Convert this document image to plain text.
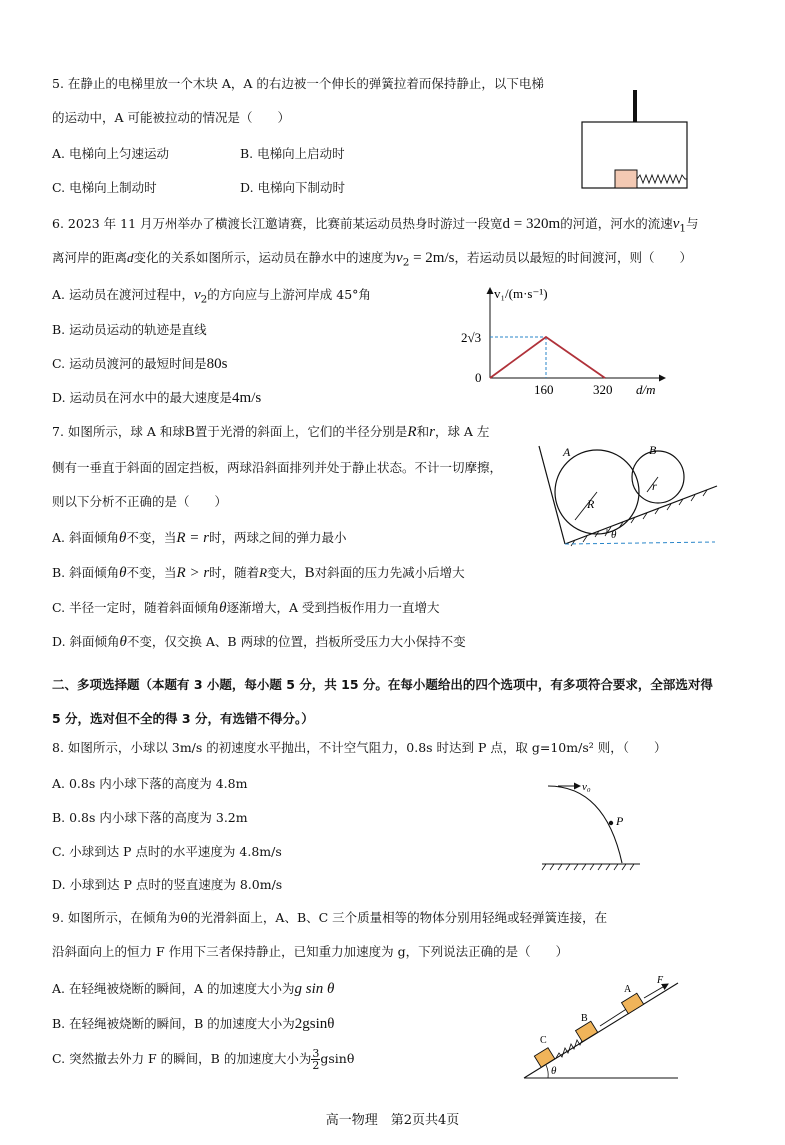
5. 在静止的电梯里放一个木块 A，A 的右边被一个伸长的弹簧拉着而保持静止，以下电梯
的运动中，A 可能被拉动的情况是（　　）
A. 电梯向上匀速运动	B. 电梯向上启动时
C. 电梯向上制动时	D. 电梯向下制动时
6. 2023 年 11 月万州举办了横渡长江邀请赛，比赛前某运动员热身时游过一段宽d = 320m的河道，河水的流速$v_1$与
离河岸的距离d变化的关系如图所示，运动员在静水中的速度为$v_2 = 2m/s$，若运动员以最短的时间渡河，则（　　）
A. 运动员在渡河过程中，$v_2$的方向应与上游河岸成 45°角
B. 运动员运动的轨迹是直线
C. 运动员渡河的最短时间是80s
D. 运动员在河水中的最大速度是4m/s
v₁/(m·s⁻¹)
d/m
0
2√3
160	320
7. 如图所示，球 A 和球B置于光滑的斜面上，它们的半径分别是R和r，球 A 左
侧有一垂直于斜面的固定挡板，两球沿斜面排列并处于静止状态。不计一切摩擦，
则以下分析不正确的是（　　）
A. 斜面倾角θ不变，当R = r时，两球之间的弹力最小
B. 斜面倾角θ不变，当R > r时，随着R变大，B对斜面的压力先减小后增大
C. 半径一定时，随着斜面倾角θ逐渐增大，A 受到挡板作用力一直增大
D. 斜面倾角θ不变，仅交换 A、B 两球的位置，挡板所受压力大小保持不变
θ
A	B
R
r
二、多项选择题（本题有 3 小题，每小题 5 分，共 15 分。在每小题给出的四个选项中，有多项符合要求，全部选对得
5 分，选对但不全的得 3 分，有选错不得分。）
8. 如图所示，小球以 3m/s 的初速度水平抛出，不计空气阻力，0.8s 时达到 P 点，取 g=10m/s² 则，（　　）
A. 0.8s 内小球下落的高度为 4.8m
B. 0.8s 内小球下落的高度为 3.2m
C. 小球到达 P 点时的水平速度为 4.8m/s
D. 小球到达 P 点时的竖直速度为 8.0m/s
v₀
P
9. 如图所示，在倾角为θ的光滑斜面上，A、B、C 三个质量相等的物体分别用轻绳或轻弹簧连接，在
沿斜面向上的恒力 F 作用下三者保持静止，已知重力加速度为 g，下列说法正确的是（　　）
A. 在轻绳被烧断的瞬间，A 的加速度大小为g sin θ
B. 在轻绳被烧断的瞬间，B 的加速度大小为2gsinθ
C. 突然撤去外力 F 的瞬间，B 的加速度大小为 $\frac{3}{2}$ gsinθ
θ
C
B
A
F
高一物理　第2页共4页
